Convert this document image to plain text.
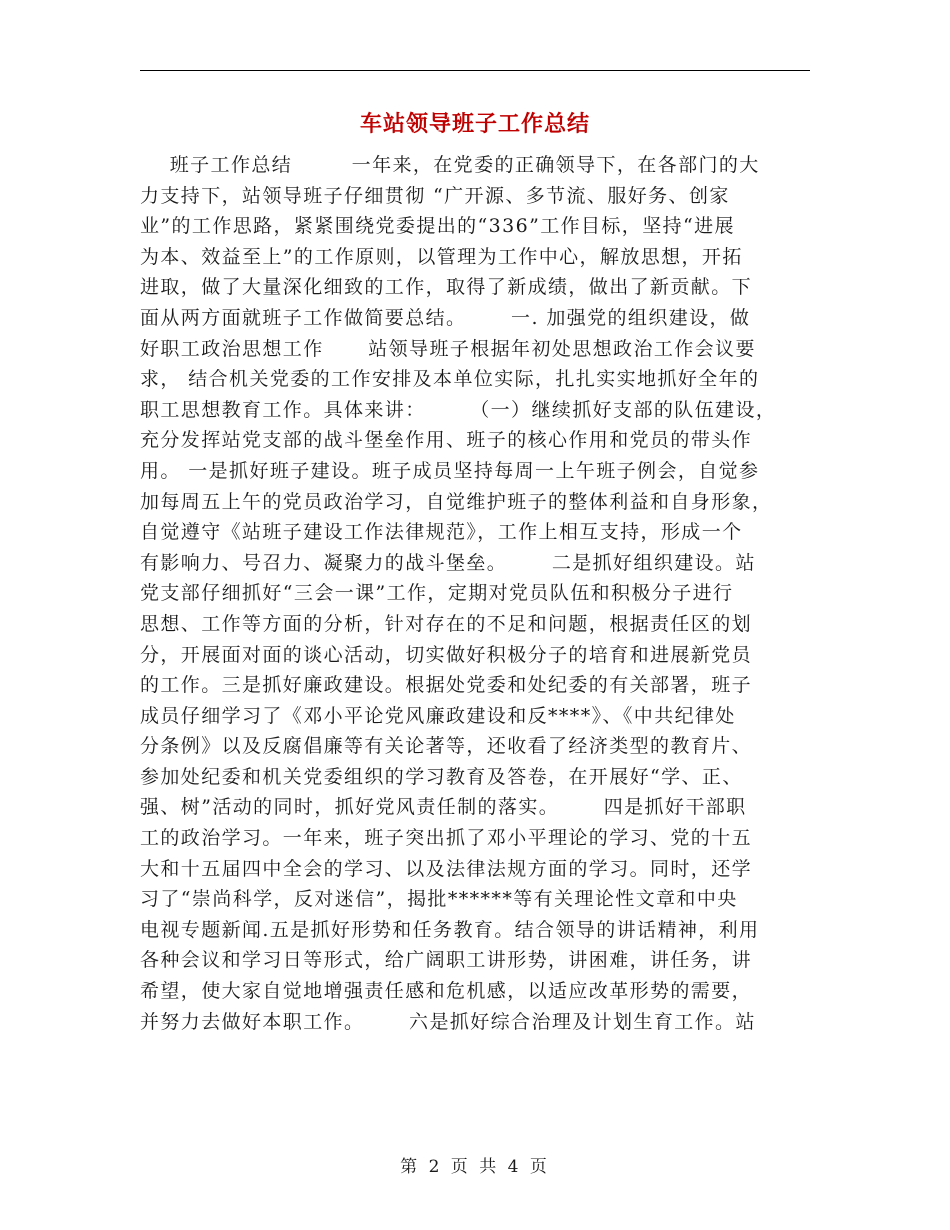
车站领导班子工作总结
班子工作总结        一年来，在党委的正确领导下，在各部门的大
力支持下，站领导班子仔细贯彻 “广开源、多节流、服好务、创家
业”的工作思路，紧紧围绕党委提出的“336”工作目标，坚持“进展
为本、效益至上”的工作原则，以管理为工作中心，解放思想，开拓
进取，做了大量深化细致的工作，取得了新成绩，做出了新贡献。下
面从两方面就班子工作做简要总结。      一. 加强党的组织建设，做
好职工政治思想工作      站领导班子根据年初处思想政治工作会议要
求， 结合机关党委的工作安排及本单位实际，扎扎实实地抓好全年的
职工思想教育工作。具体来讲：      （一）继续抓好支部的队伍建设，
充分发挥站党支部的战斗堡垒作用、班子的核心作用和党员的带头作
用。 一是抓好班子建设。班子成员坚持每周一上午班子例会，自觉参
加每周五上午的党员政治学习，自觉维护班子的整体利益和自身形象，
自觉遵守《站班子建设工作法律规范》，工作上相互支持，形成一个
有影响力、号召力、凝聚力的战斗堡垒。      二是抓好组织建设。站
党支部仔细抓好“三会一课”工作，定期对党员队伍和积极分子进行
思想、工作等方面的分析，针对存在的不足和问题，根据责任区的划
分，开展面对面的谈心活动，切实做好积极分子的培育和进展新党员
的工作。三是抓好廉政建设。根据处党委和处纪委的有关部署，班子
成员仔细学习了《邓小平论党风廉政建设和反****》、《中共纪律处
分条例》以及反腐倡廉等有关论著等，还收看了经济类型的教育片、
参加处纪委和机关党委组织的学习教育及答卷，在开展好“学、正、
强、树”活动的同时，抓好党风责任制的落实。      四是抓好干部职
工的政治学习。一年来，班子突出抓了邓小平理论的学习、党的十五
大和十五届四中全会的学习、以及法律法规方面的学习。同时，还学
习了“崇尚科学，反对迷信”，揭批******等有关理论性文章和中央
电视专题新闻.五是抓好形势和任务教育。结合领导的讲话精神，利用
各种会议和学习日等形式，给广阔职工讲形势，讲困难，讲任务，讲
希望，使大家自觉地增强责任感和危机感，以适应改革形势的需要，
并努力去做好本职工作。      六是抓好综合治理及计划生育工作。站
第 2 页 共 4 页
